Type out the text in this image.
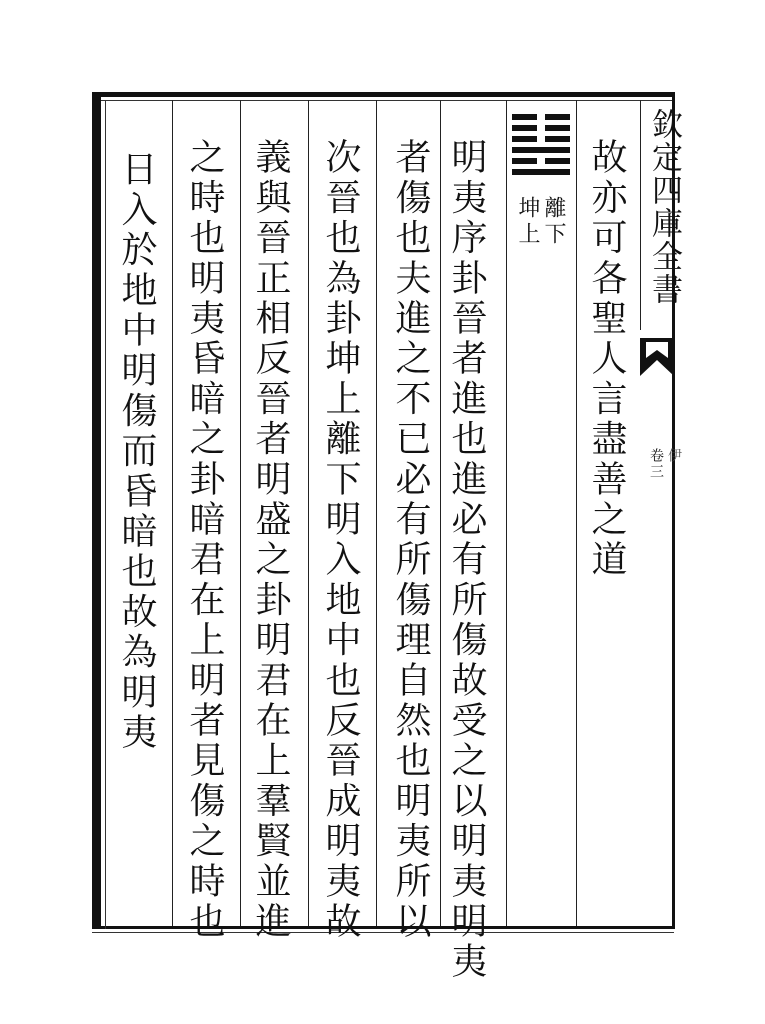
欽定四庫全書
卷三 伊
故亦可各聖人言盡善之道
離下
坤上
明夷序卦晉者進也進必有所傷故受之以明夷明夷
者傷也夫進之不已必有所傷理自然也明夷所以
次晉也為卦坤上離下明入地中也反晉成明夷故
義與晉正相反晉者明盛之卦明君在上羣賢並進
之時也明夷昏暗之卦暗君在上明者見傷之時也
日入於地中明傷而昏暗也故為明夷
